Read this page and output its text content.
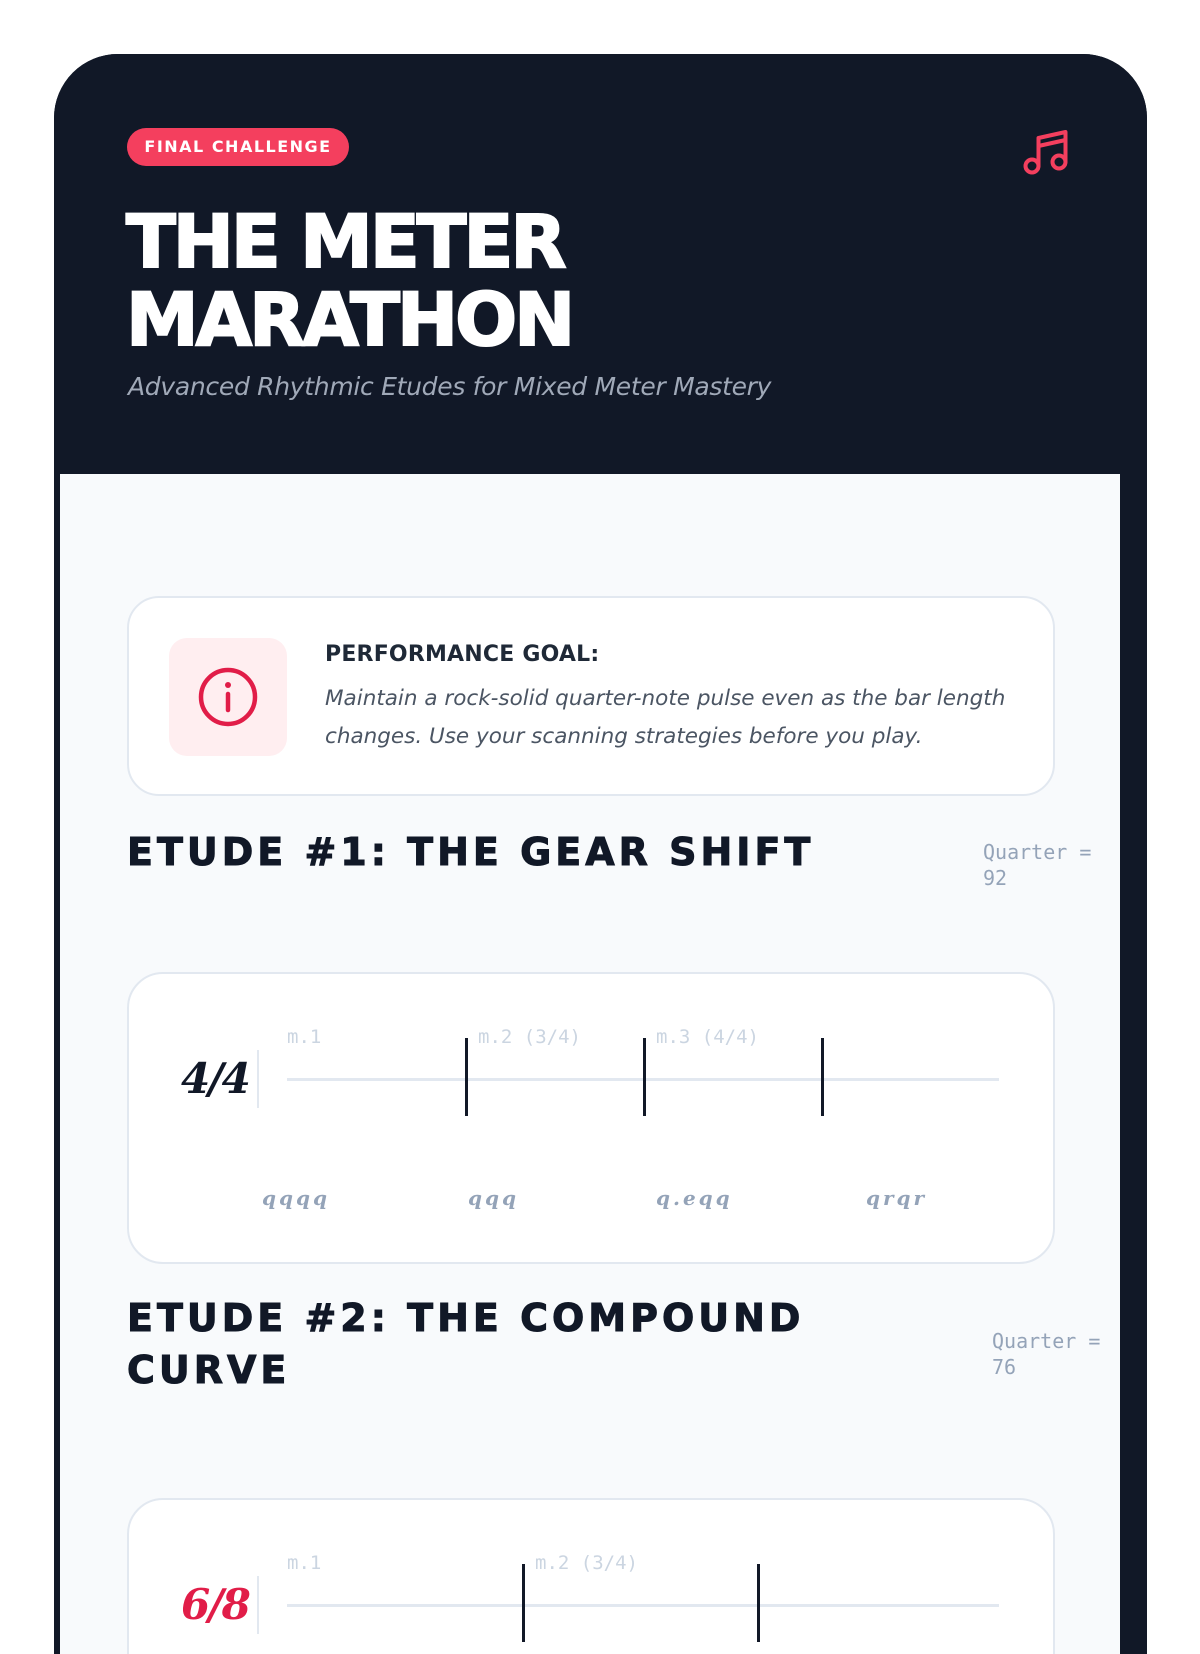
FINAL CHALLENGE
THE METER
MARATHON
Advanced Rhythmic Etudes for Mixed Meter Mastery
PERFORMANCE GOAL:
Maintain a rock-solid quarter-note pulse even as the bar length changes. Use your scanning strategies before you play.
ETUDE #1: THE GEAR SHIFT	Quarter = 92
4/4
m.1	m.2 (3/4)	m.3 (4/4)
qqqq	qqq	q.eqq	qrqr
ETUDE #2: THE COMPOUND
CURVE
Quarter =
76
6/8
m.1	m.2 (3/4)
